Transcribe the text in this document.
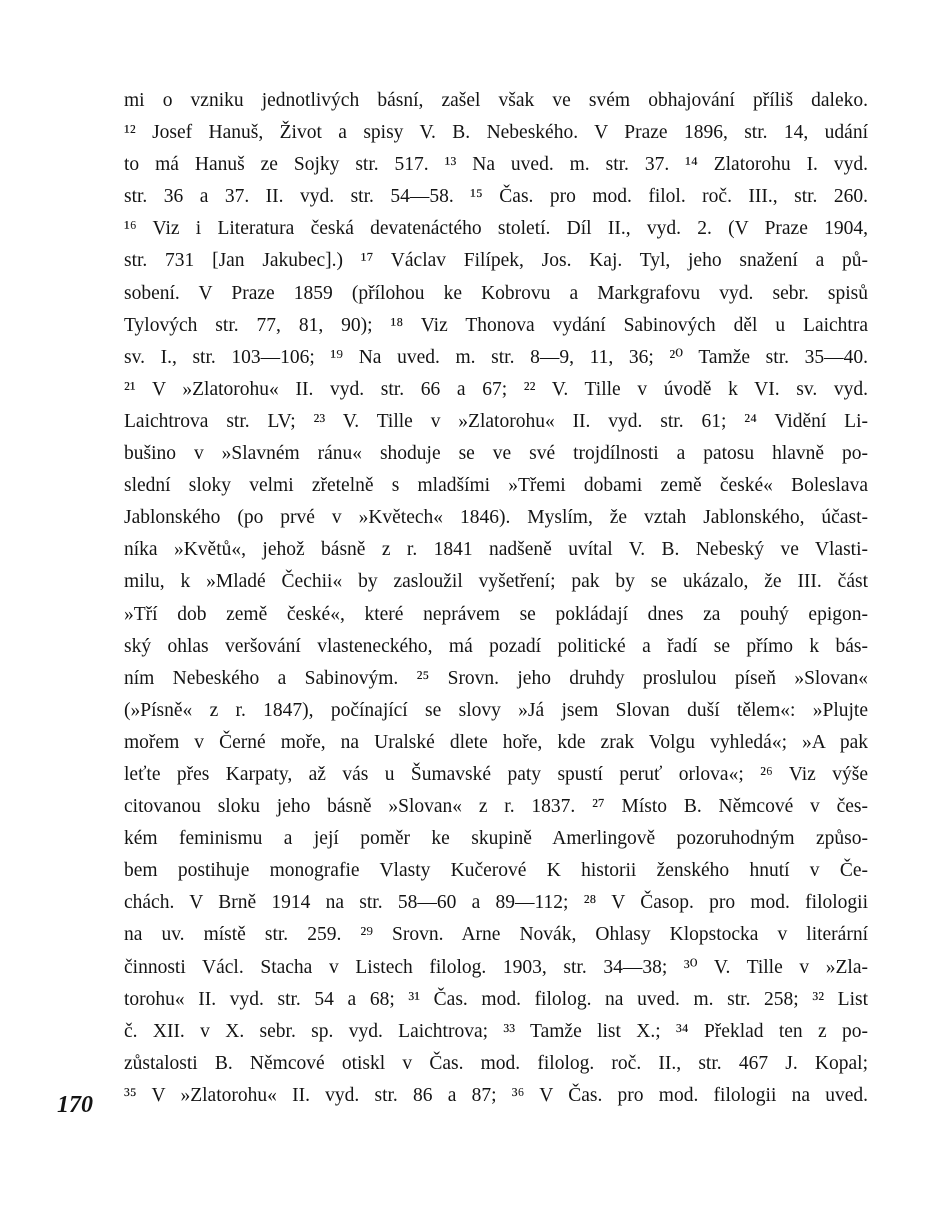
mi o vzniku jednotlivých básní, zašel však ve svém obhajování příliš daleko.
¹² Josef Hanuš, Život a spisy V. B. Nebeského. V Praze 1896, str. 14, udání
to má Hanuš ze Sojky str. 517. ¹³ Na uved. m. str. 37. ¹⁴ Zlatorohu I. vyd.
str. 36 a 37. II. vyd. str. 54—58. ¹⁵ Čas. pro mod. filol. roč. III., str. 260.
¹⁶ Viz i Literatura česká devatenáctého století. Díl II., vyd. 2. (V Praze 1904,
str. 731 [Jan Jakubec].) ¹⁷ Václav Filípek, Jos. Kaj. Tyl, jeho snažení a pů-
sobení. V Praze 1859 (přílohou ke Kobrovu a Markgrafovu vyd. sebr. spisů
Tylových str. 77, 81, 90); ¹⁸ Viz Thonova vydání Sabinových děl u Laichtra
sv. I., str. 103—106; ¹⁹ Na uved. m. str. 8—9, 11, 36; ²⁰ Tamže str. 35—40.
²¹ V »Zlatorohu« II. vyd. str. 66 a 67; ²² V. Tille v úvodě k VI. sv. vyd.
Laichtrova str. LV; ²³ V. Tille v »Zlatorohu« II. vyd. str. 61; ²⁴ Vidění Li-
bušino v »Slavném ránu« shoduje se ve své trojdílnosti a patosu hlavně po-
slední sloky velmi zřetelně s mladšími »Třemi dobami země české« Boleslava
Jablonského (po prvé v »Květech« 1846). Myslím, že vztah Jablonského, účast-
níka »Květů«, jehož básně z r. 1841 nadšeně uvítal V. B. Nebeský ve Vlasti-
milu, k »Mladé Čechii« by zasloužil vyšetření; pak by se ukázalo, že III. část
»Tří dob země české«, které neprávem se pokládají dnes za pouhý epigon-
ský ohlas veršování vlasteneckého, má pozadí politické a řadí se přímo k bás-
ním Nebeského a Sabinovým. ²⁵ Srovn. jeho druhdy proslulou píseň »Slovan«
(»Písně« z r. 1847), počínající se slovy »Já jsem Slovan duší tělem«: »Plujte
mořem v Černé moře, na Uralské dlete hoře, kde zrak Volgu vyhledá«; »A pak
leťte přes Karpaty, až vás u Šumavské paty spustí peruť orlova«; ²⁶ Viz výše
citovanou sloku jeho básně »Slovan« z r. 1837. ²⁷ Místo B. Němcové v čes-
kém feminismu a její poměr ke skupině Amerlingově pozoruhodným způso-
bem postihuje monografie Vlasty Kučerové K historii ženského hnutí v Če-
chách. V Brně 1914 na str. 58—60 a 89—112; ²⁸ V Časop. pro mod. filologii
na uv. místě str. 259. ²⁹ Srovn. Arne Novák, Ohlasy Klopstocka v literární
činnosti Václ. Stacha v Listech filolog. 1903, str. 34—38; ³⁰ V. Tille v »Zla-
torohu« II. vyd. str. 54 a 68; ³¹ Čas. mod. filolog. na uved. m. str. 258; ³² List
č. XII. v X. sebr. sp. vyd. Laichtrova; ³³ Tamže list X.; ³⁴ Překlad ten z po-
zůstalosti B. Němcové otiskl v Čas. mod. filolog. roč. II., str. 467 J. Kopal;
³⁵ V »Zlatorohu« II. vyd. str. 86 a 87; ³⁶ V Čas. pro mod. filologii na uved.
170
